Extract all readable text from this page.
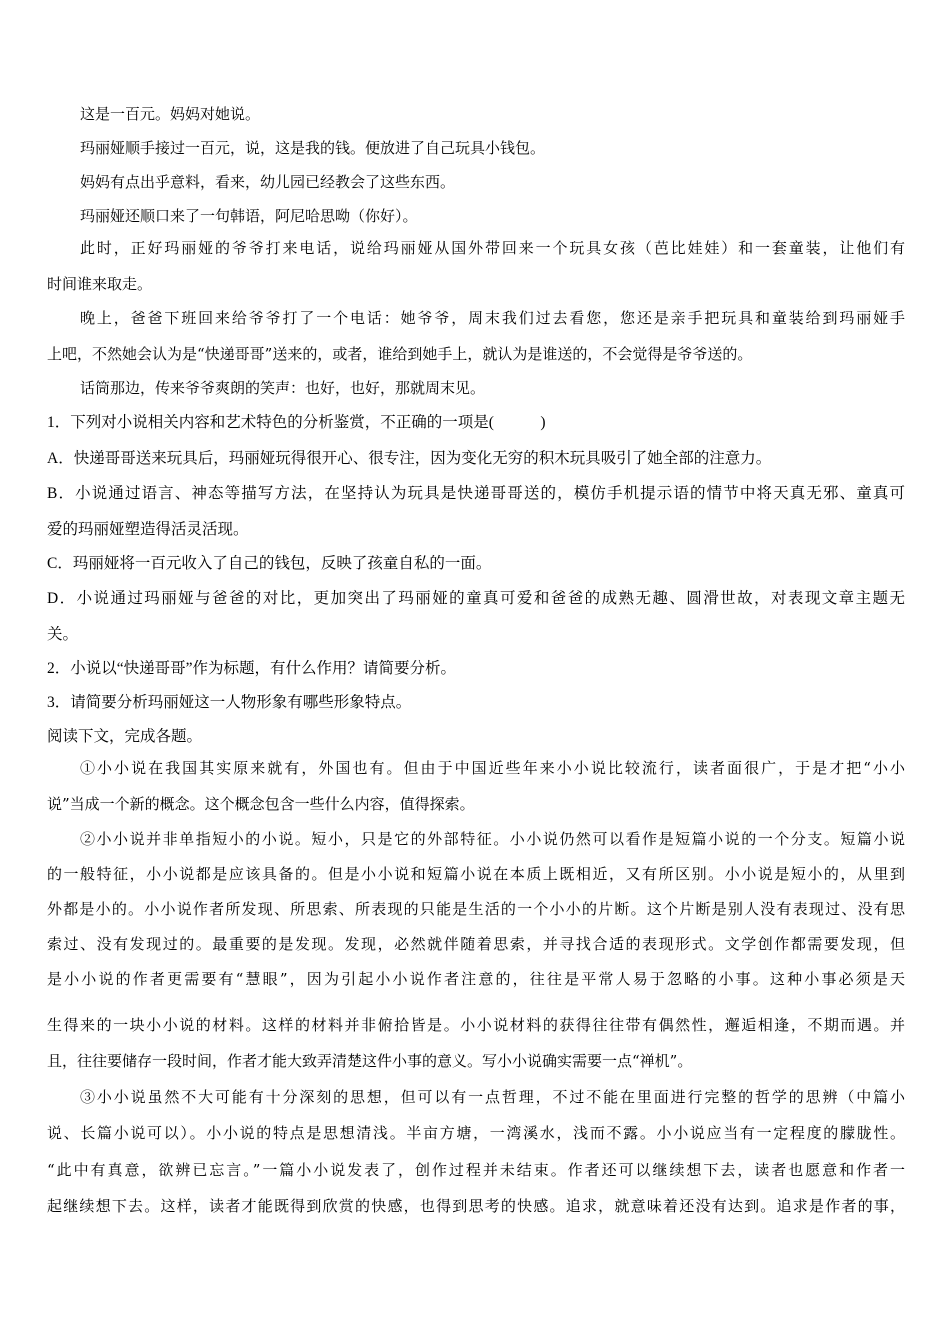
这是一百元。妈妈对她说。
玛丽娅顺手接过一百元，说，这是我的钱。便放进了自己玩具小钱包。
妈妈有点出乎意料，看来，幼儿园已经教会了这些东西。
玛丽娅还顺口来了一句韩语，阿尼哈思呦（你好）。
此时，正好玛丽娅的爷爷打来电话，说给玛丽娅从国外带回来一个玩具女孩（芭比娃娃）和一套童装，让他们有
时间谁来取走。
晚上，爸爸下班回来给爷爷打了一个电话：她爷爷，周末我们过去看您，您还是亲手把玩具和童装给到玛丽娅手
上吧，不然她会认为是“快递哥哥”送来的，或者，谁给到她手上，就认为是谁送的，不会觉得是爷爷送的。
话筒那边，传来爷爷爽朗的笑声：也好，也好，那就周末见。
1．下列对小说相关内容和艺术特色的分析鉴赏，不正确的一项是(　　　)
A．快递哥哥送来玩具后，玛丽娅玩得很开心、很专注，因为变化无穷的积木玩具吸引了她全部的注意力。
B．小说通过语言、神态等描写方法，在坚持认为玩具是快递哥哥送的，模仿手机提示语的情节中将天真无邪、童真可
爱的玛丽娅塑造得活灵活现。
C．玛丽娅将一百元收入了自己的钱包，反映了孩童自私的一面。
D．小说通过玛丽娅与爸爸的对比，更加突出了玛丽娅的童真可爱和爸爸的成熟无趣、圆滑世故，对表现文章主题无
关。
2．小说以“快递哥哥”作为标题，有什么作用？请简要分析。
3．请简要分析玛丽娅这一人物形象有哪些形象特点。
阅读下文，完成各题。
①小小说在我国其实原来就有，外国也有。但由于中国近些年来小小说比较流行，读者面很广，于是才把“小小
说”当成一个新的概念。这个概念包含一些什么内容，值得探索。
②小小说并非单指短小的小说。短小，只是它的外部特征。小小说仍然可以看作是短篇小说的一个分支。短篇小说
的一般特征，小小说都是应该具备的。但是小小说和短篇小说在本质上既相近，又有所区别。小小说是短小的，从里到
外都是小的。小小说作者所发现、所思索、所表现的只能是生活的一个小小的片断。这个片断是别人没有表现过、没有思
索过、没有发现过的。最重要的是发现。发现，必然就伴随着思索，并寻找合适的表现形式。文学创作都需要发现，但
是小小说的作者更需要有“慧眼”，因为引起小小说作者注意的，往往是平常人易于忽略的小事。这种小事必须是天
生得来的一块小小说的材料。这样的材料并非俯拾皆是。小小说材料的获得往往带有偶然性，邂逅相逢，不期而遇。并
且，往往要储存一段时间，作者才能大致弄清楚这件小事的意义。写小小说确实需要一点“禅机”。
③小小说虽然不大可能有十分深刻的思想，但可以有一点哲理，不过不能在里面进行完整的哲学的思辨（中篇小
说、长篇小说可以）。小小说的特点是思想清浅。半亩方塘，一湾溪水，浅而不露。小小说应当有一定程度的朦胧性。
“此中有真意，欲辨已忘言。”一篇小小说发表了，创作过程并未结束。作者还可以继续想下去，读者也愿意和作者一
起继续想下去。这样，读者才能既得到欣赏的快感，也得到思考的快感。追求，就意味着还没有达到。追求是作者的事，
